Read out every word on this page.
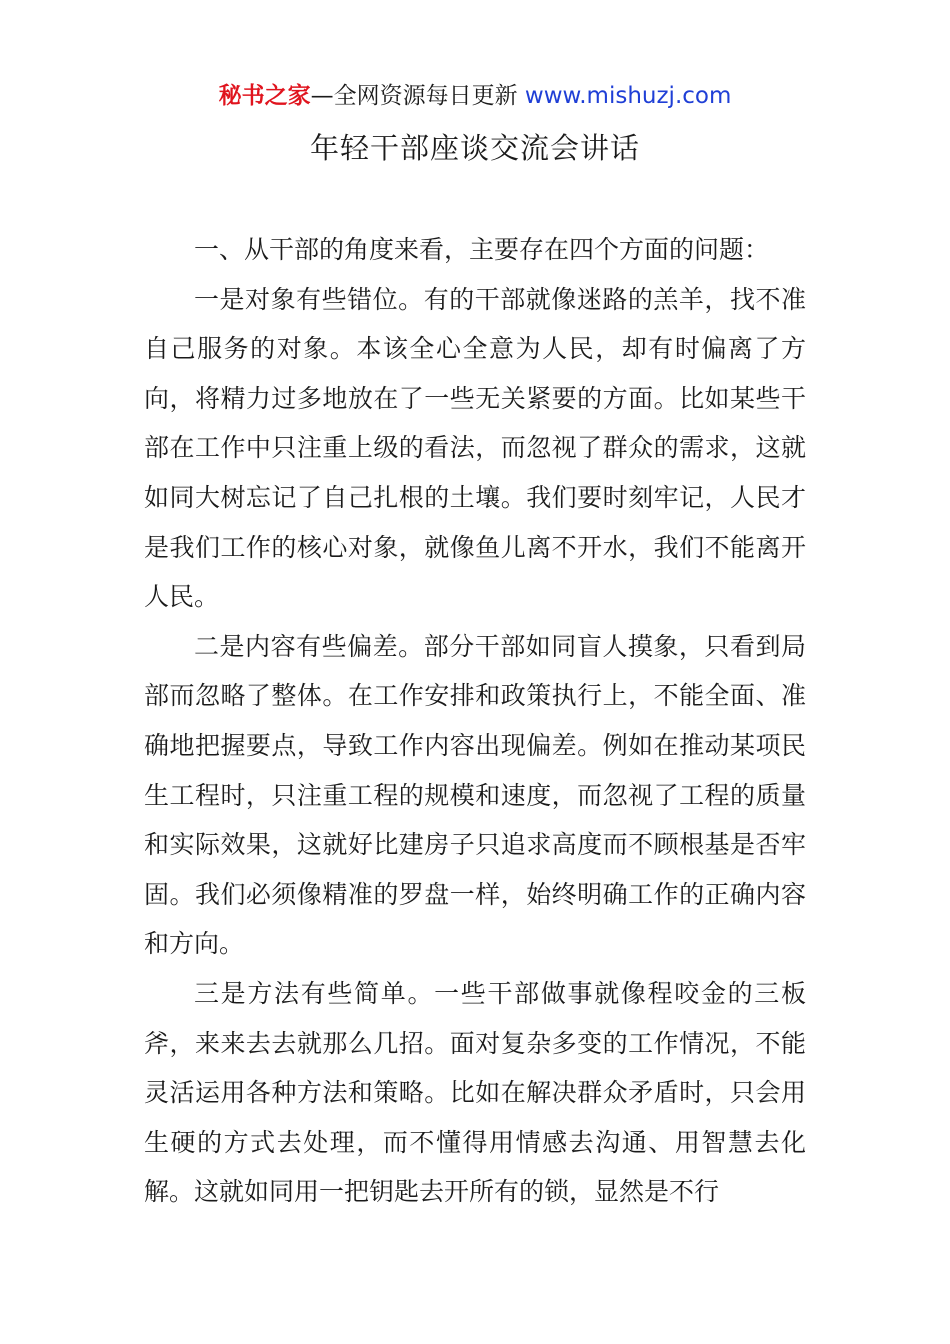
秘书之家—全网资源每日更新 www.mishuzj.com
年轻干部座谈交流会讲话

一、从干部的角度来看，主要存在四个方面的问题：

一是对象有些错位。有的干部就像迷路的羔羊，找不准自己服务的对象。本该全心全意为人民，却有时偏离了方向，将精力过多地放在了一些无关紧要的方面。比如某些干部在工作中只注重上级的看法，而忽视了群众的需求，这就如同大树忘记了自己扎根的土壤。我们要时刻牢记，人民才是我们工作的核心对象，就像鱼儿离不开水，我们不能离开人民。

二是内容有些偏差。部分干部如同盲人摸象，只看到局部而忽略了整体。在工作安排和政策执行上，不能全面、准确地把握要点，导致工作内容出现偏差。例如在推动某项民生工程时，只注重工程的规模和速度，而忽视了工程的质量和实际效果，这就好比建房子只追求高度而不顾根基是否牢固。我们必须像精准的罗盘一样，始终明确工作的正确内容和方向。

三是方法有些简单。一些干部做事就像程咬金的三板斧，来来去去就那么几招。面对复杂多变的工作情况，不能灵活运用各种方法和策略。比如在解决群众矛盾时，只会用生硬的方式去处理，而不懂得用情感去沟通、用智慧去化解。这就如同用一把钥匙去开所有的锁，显然是不行
